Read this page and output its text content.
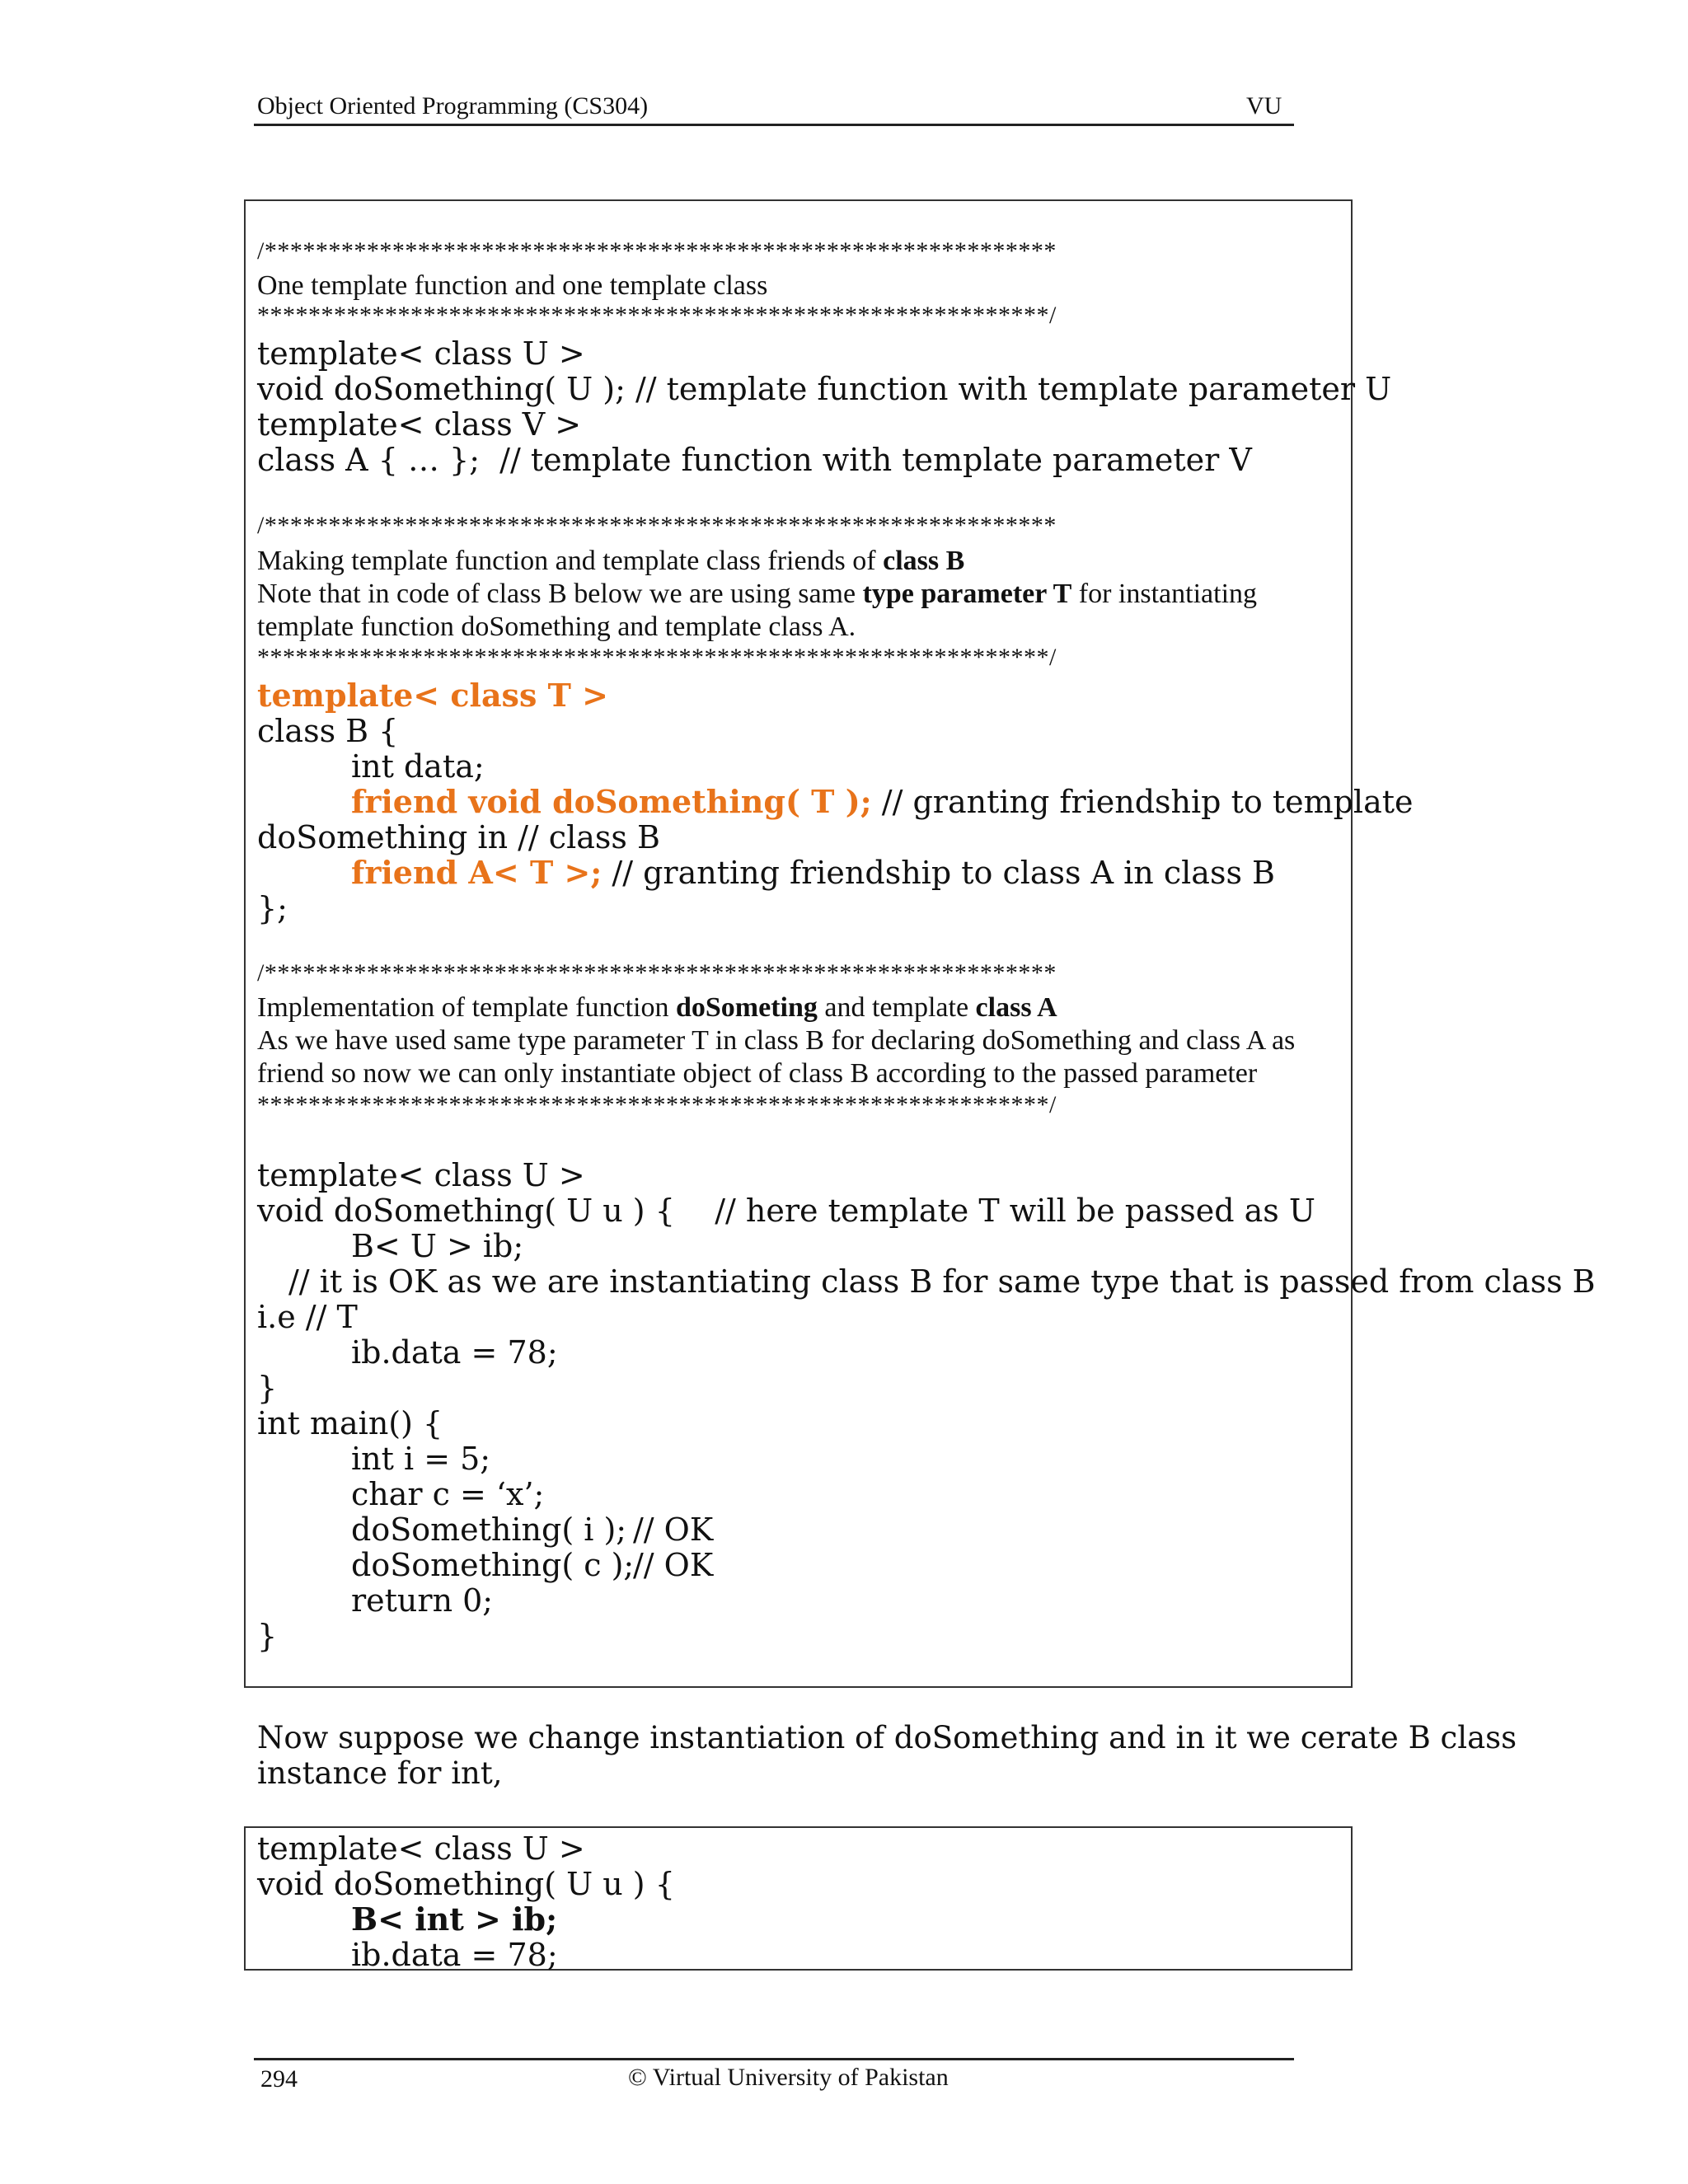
Object Oriented Programming (CS304)	VU
/**************************************************************
One template function and one template class
**************************************************************/
template< class U >
void doSomething( U ); // template function with template parameter U
template< class V >
class A { … };  // template function with template parameter V
/**************************************************************
Making template function and template class friends of class B
Note that in code of class B below we are using same type parameter T for instantiating
template function doSomething and template class A.
**************************************************************/
template< class T >
class B {
int data;
friend void doSomething( T ); // granting friendship to template
doSomething in // class B
friend A< T >; // granting friendship to class A in class B
};
/**************************************************************
Implementation of template function doSometing and template class A
As we have used same type parameter T in class B for declaring doSomething and class A as
friend so now we can only instantiate object of class B according to the passed parameter
**************************************************************/
template< class U >
void doSomething( U u ) {    // here template T will be passed as U
B< U > ib;
// it is OK as we are instantiating class B for same type that is passed from class B
i.e // T
ib.data = 78;
}
int main() {
int i = 5;
char c = ‘x’;
doSomething( i ); // OK
doSomething( c );
// OK
return 0;
}
Now suppose we change instantiation of doSomething and in it we cerate B class
instance for int,
template< class U >
void doSomething( U u ) {
B< int > ib;
ib.data = 78;
294	© Virtual University of Pakistan
